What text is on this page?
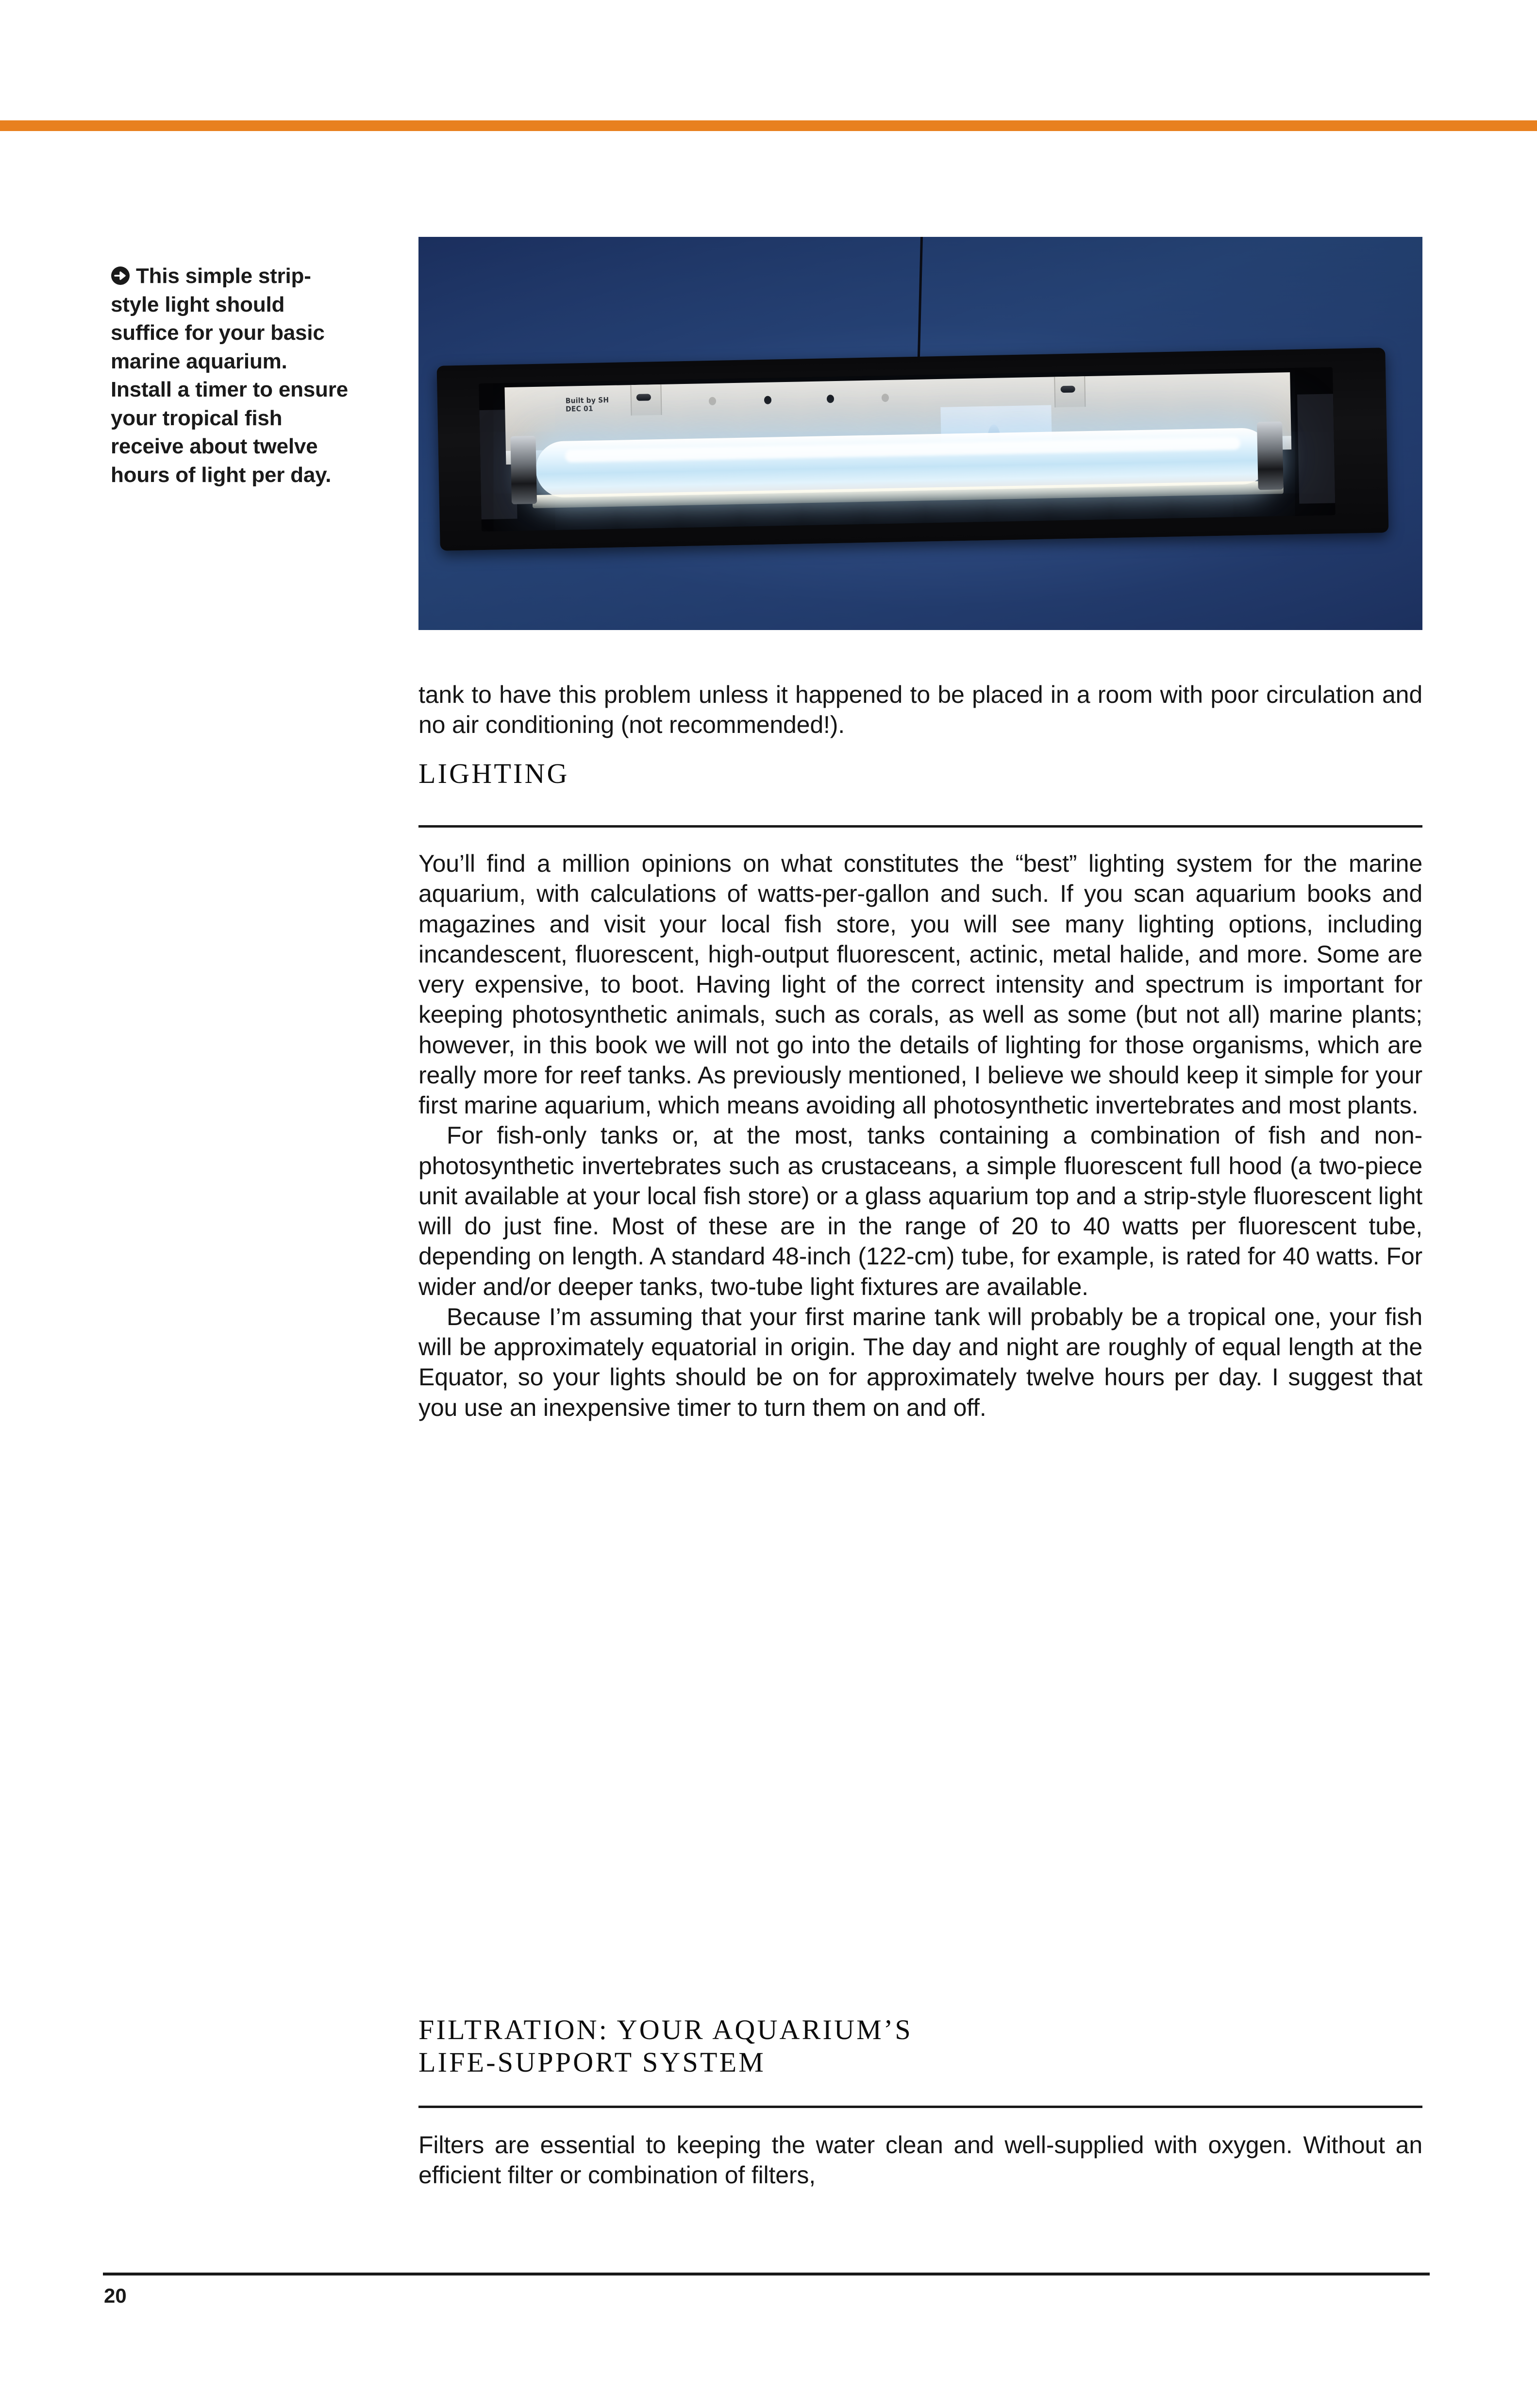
Built by SH
DEC 01
This simple strip-style light should suffice for your basic marine aquarium. Install a timer to ensure your tropical fish receive about twelve hours of light per day.

tank to have this problem unless it happened to be placed in a room with poor circulation and no air conditioning (not recommended!).

LIGHTING

You’ll find a million opinions on what constitutes the “best” lighting system for the marine aquarium, with calculations of watts-per-gallon and such. If you scan aquarium books and magazines and visit your local fish store, you will see many lighting options, including incandescent, fluorescent, high-output fluorescent, actinic, metal halide, and more. Some are very expensive, to boot. Having light of the correct intensity and spectrum is important for keeping photosynthetic animals, such as corals, as well as some (but not all) marine plants; however, in this book we will not go into the details of lighting for those organisms, which are really more for reef tanks. As previously mentioned, I believe we should keep it simple for your first marine aquarium, which means avoiding all photosynthetic invertebrates and most plants.

For fish-only tanks or, at the most, tanks containing a combination of fish and non-photosynthetic invertebrates such as crustaceans, a simple fluorescent full hood (a two-piece unit available at your local fish store) or a glass aquarium top and a strip-style fluorescent light will do just fine. Most of these are in the range of 20 to 40 watts per fluorescent tube, depending on length. A standard 48-inch (122-cm) tube, for example, is rated for 40 watts. For wider and/or deeper tanks, two-tube light fixtures are available.

Because I’m assuming that your first marine tank will probably be a tropical one, your fish will be approximately equatorial in origin. The day and night are roughly of equal length at the Equator, so your lights should be on for approximately twelve hours per day. I suggest that you use an inexpensive timer to turn them on and off.

FILTRATION: YOUR AQUARIUM’S
LIFE-SUPPORT SYSTEM

Filters are essential to keeping the water clean and well-supplied with oxygen. Without an efficient filter or combination of filters,

20
